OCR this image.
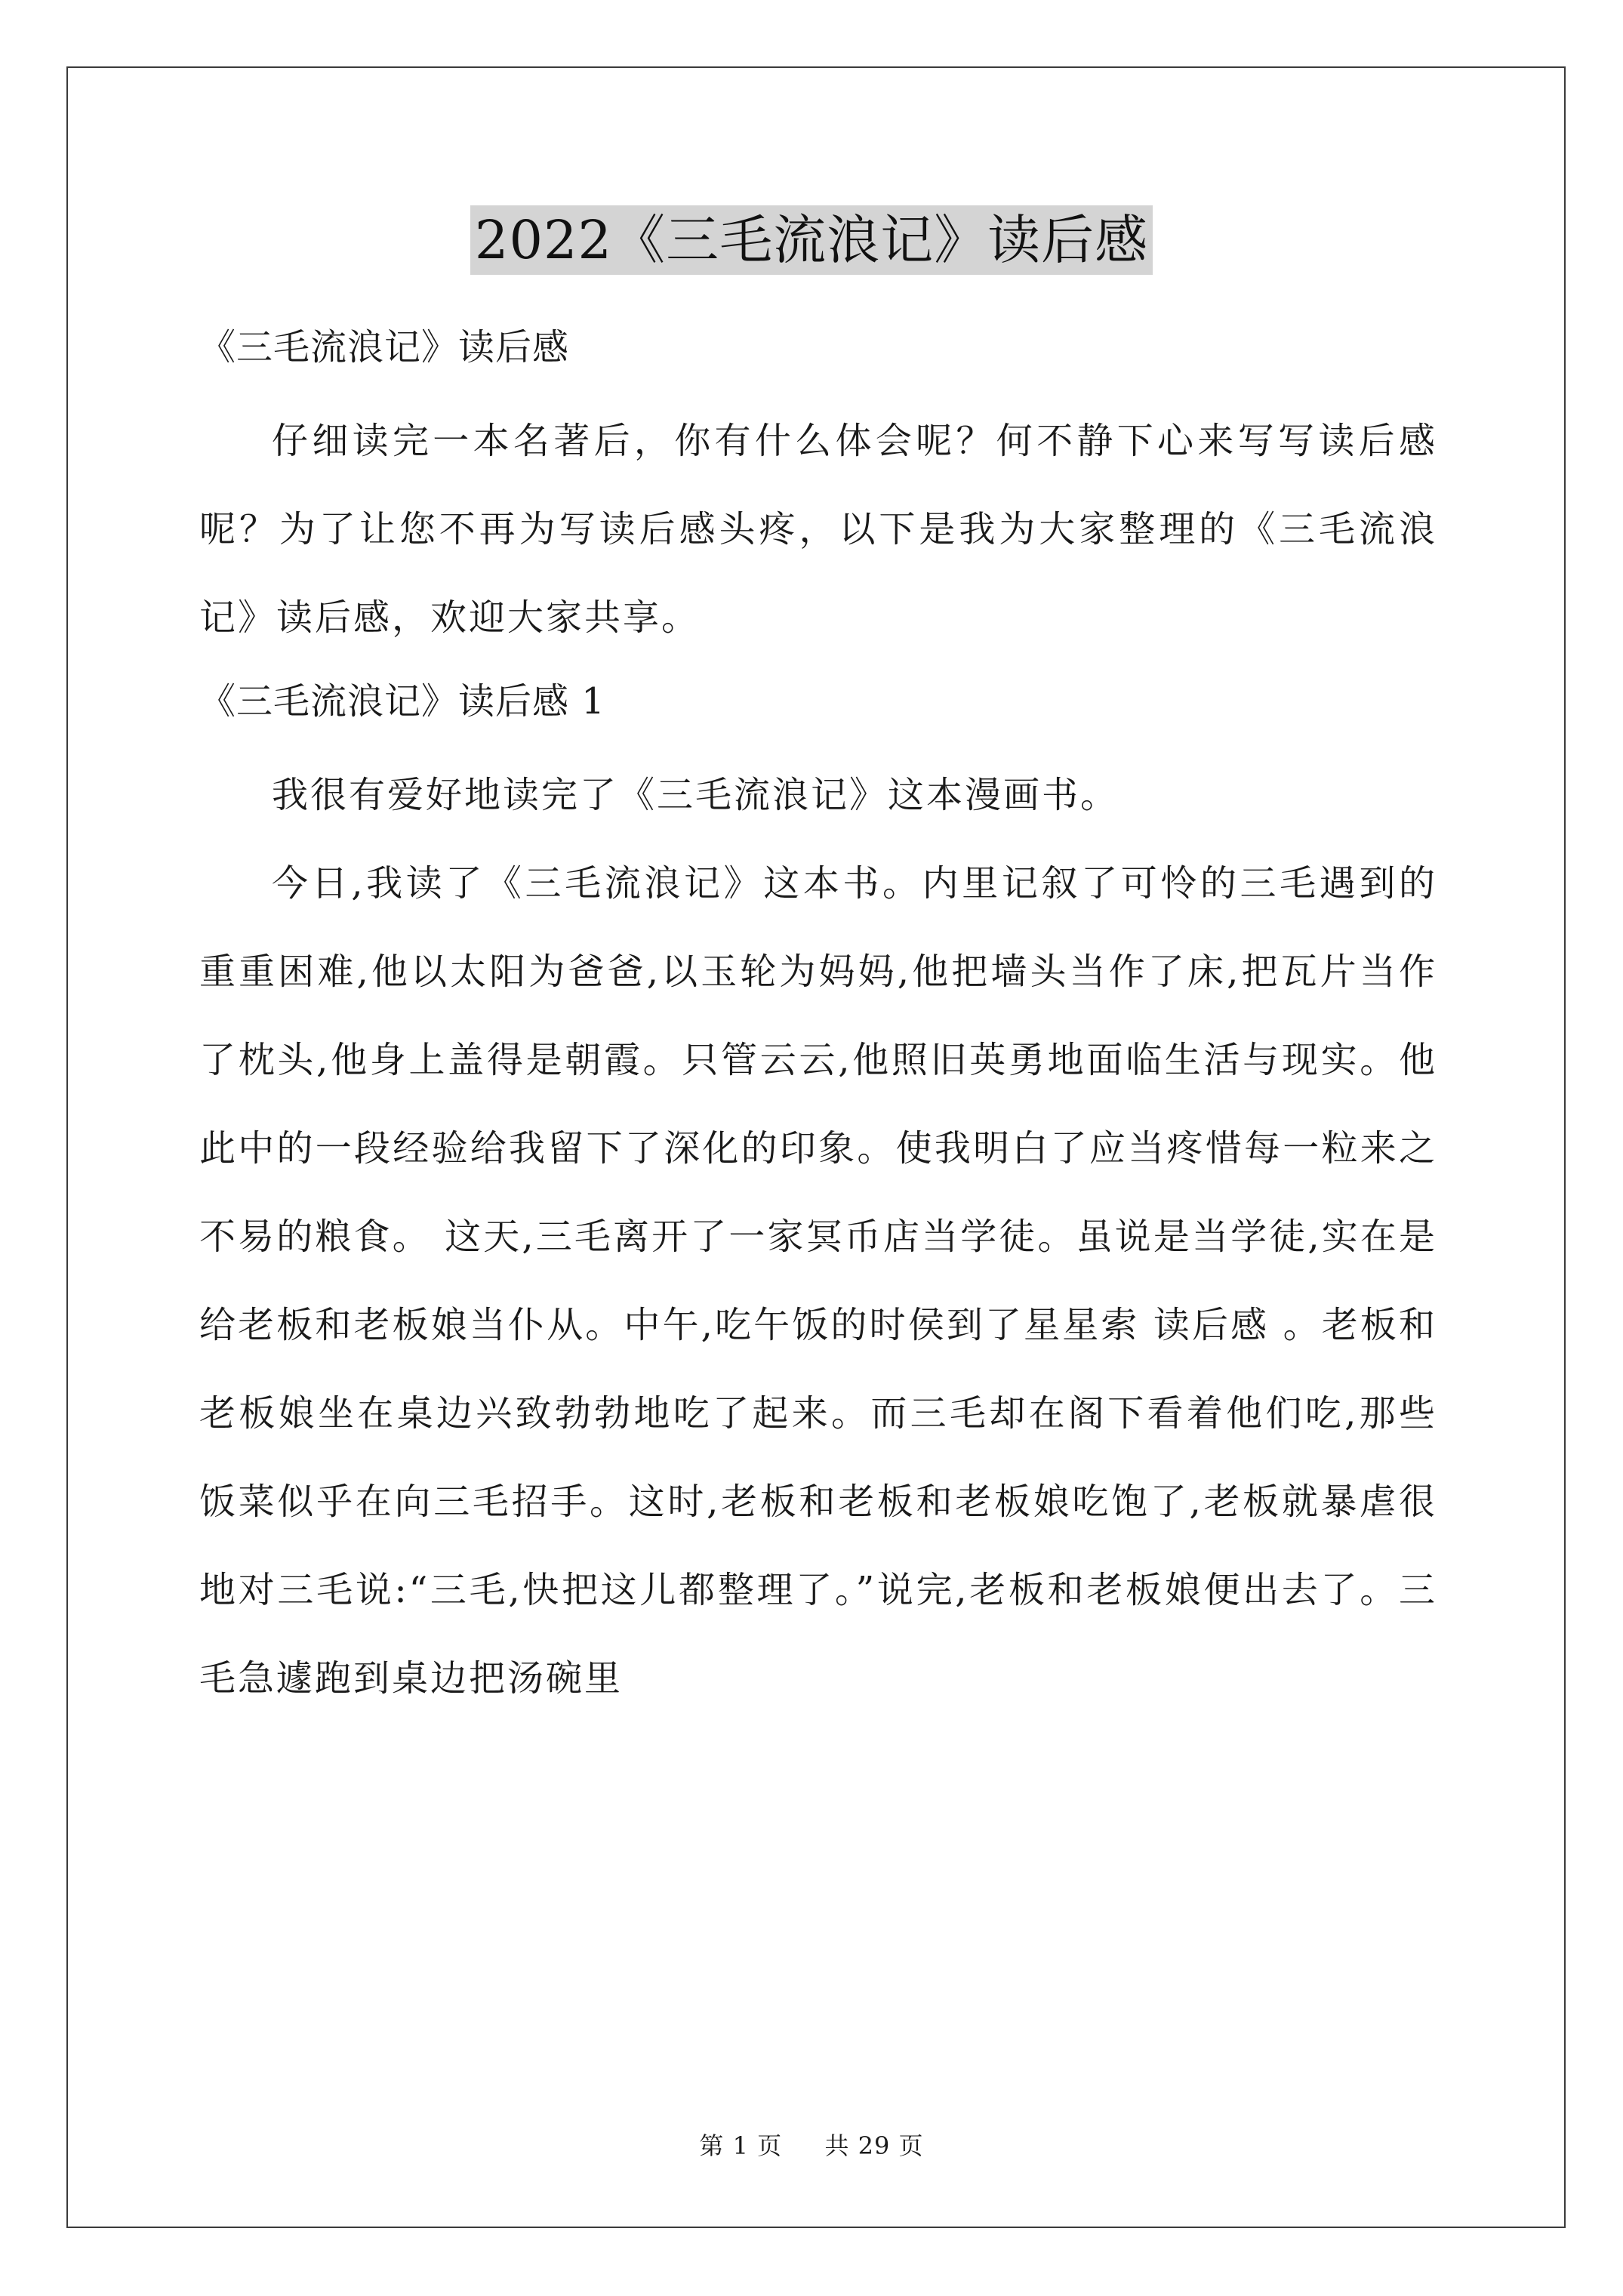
2022《三毛流浪记》读后感

《三毛流浪记》读后感

仔细读完一本名著后，你有什么体会呢？何不静下心来写写读后感呢？为了让您不再为写读后感头疼，以下是我为大家整理的《三毛流浪记》读后感，欢迎大家共享。

《三毛流浪记》读后感 1

我很有爱好地读完了《三毛流浪记》这本漫画书。

今日,我读了《三毛流浪记》这本书。内里记叙了可怜的三毛遇到的重重困难,他以太阳为爸爸,以玉轮为妈妈,他把墙头当作了床,把瓦片当作了枕头,他身上盖得是朝霞。只管云云,他照旧英勇地面临生活与现实。他此中的一段经验给我留下了深化的印象。使我明白了应当疼惜每一粒来之不易的粮食。 这天,三毛离开了一家冥币店当学徒。虽说是当学徒,实在是给老板和老板娘当仆从。中午,吃午饭的时侯到了星星索 读后感 。老板和老板娘坐在桌边兴致勃勃地吃了起来。而三毛却在阁下看着他们吃,那些饭菜似乎在向三毛招手。这时,老板和老板和老板娘吃饱了,老板就暴虐很地对三毛说:“三毛,快把这儿都整理了。”说完,老板和老板娘便出去了。三毛急遽跑到桌边把汤碗里

第 1 页 共 29 页
